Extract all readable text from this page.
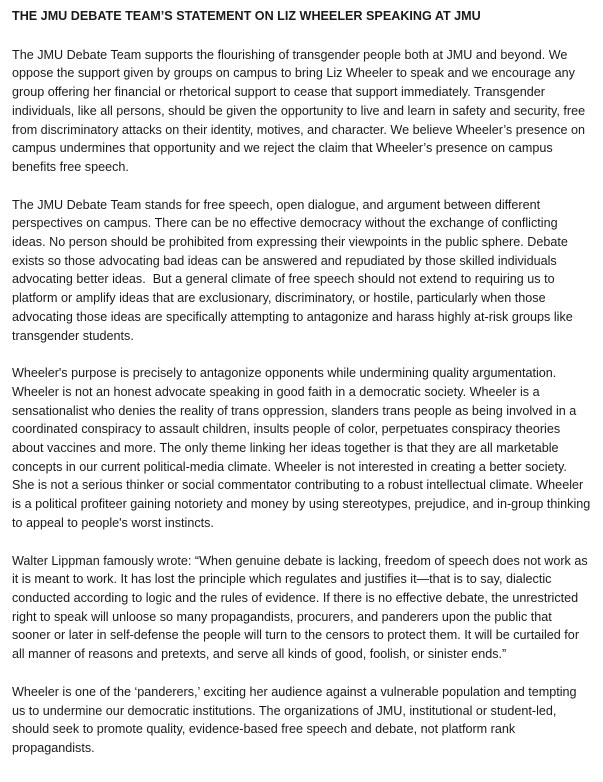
THE JMU DEBATE TEAM’S STATEMENT ON LIZ WHEELER SPEAKING AT JMU

The JMU Debate Team supports the flourishing of transgender people both at JMU and beyond. We oppose the support given by groups on campus to bring Liz Wheeler to speak and we encourage any group offering her financial or rhetorical support to cease that support immediately. Transgender individuals, like all persons, should be given the opportunity to live and learn in safety and security, free from discriminatory attacks on their identity, motives, and character. We believe Wheeler’s presence on campus undermines that opportunity and we reject the claim that Wheeler’s presence on campus benefits free speech.

The JMU Debate Team stands for free speech, open dialogue, and argument between different perspectives on campus. There can be no effective democracy without the exchange of conflicting ideas. No person should be prohibited from expressing their viewpoints in the public sphere. Debate exists so those advocating bad ideas can be answered and repudiated by those skilled individuals advocating better ideas.  But a general climate of free speech should not extend to requiring us to platform or amplify ideas that are exclusionary, discriminatory, or hostile, particularly when those advocating those ideas are specifically attempting to antagonize and harass highly at-risk groups like transgender students.

Wheeler's purpose is precisely to antagonize opponents while undermining quality argumentation. Wheeler is not an honest advocate speaking in good faith in a democratic society. Wheeler is a sensationalist who denies the reality of trans oppression, slanders trans people as being involved in a coordinated conspiracy to assault children, insults people of color, perpetuates conspiracy theories about vaccines and more. The only theme linking her ideas together is that they are all marketable concepts in our current political-media climate. Wheeler is not interested in creating a better society. She is not a serious thinker or social commentator contributing to a robust intellectual climate. Wheeler is a political profiteer gaining notoriety and money by using stereotypes, prejudice, and in-group thinking to appeal to people's worst instincts.

Walter Lippman famously wrote: “When genuine debate is lacking, freedom of speech does not work as it is meant to work. It has lost the principle which regulates and justifies it—that is to say, dialectic conducted according to logic and the rules of evidence. If there is no effective debate, the unrestricted right to speak will unloose so many propagandists, procurers, and panderers upon the public that sooner or later in self-defense the people will turn to the censors to protect them. It will be curtailed for all manner of reasons and pretexts, and serve all kinds of good, foolish, or sinister ends.”

Wheeler is one of the ‘panderers,’ exciting her audience against a vulnerable population and tempting us to undermine our democratic institutions. The organizations of JMU, institutional or student-led, should seek to promote quality, evidence-based free speech and debate, not platform rank propagandists.
